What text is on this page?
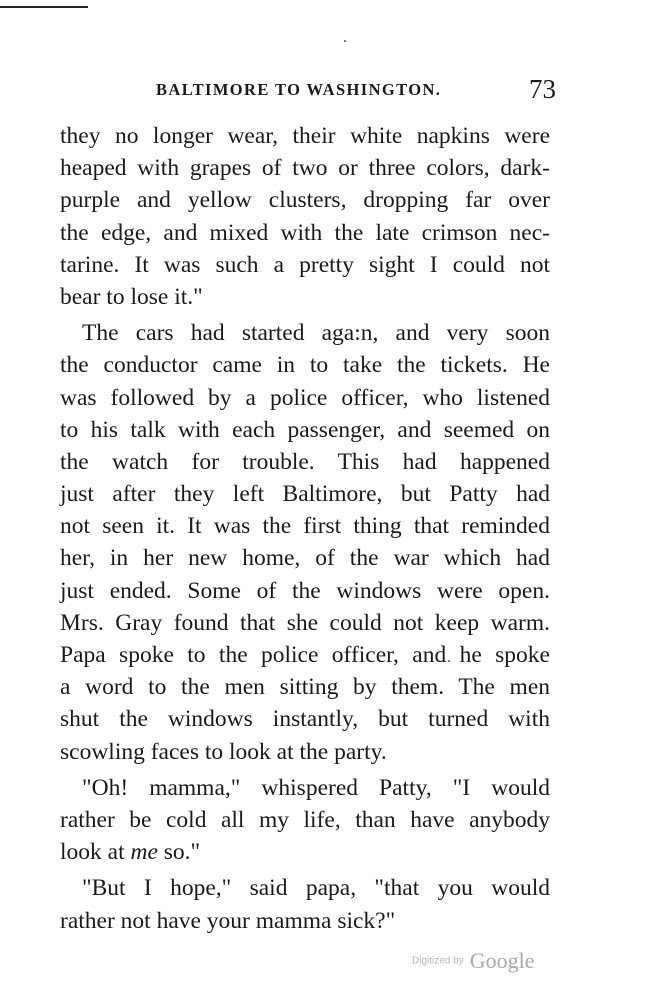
BALTIMORE TO WASHINGTON.	73
they no longer wear, their white napkins were
heaped with grapes of two or three colors, dark-
purple and yellow clusters, dropping far over
the edge, and mixed with the late crimson nec-
tarine. It was such a pretty sight I could not
bear to lose it."
The cars had started aga:n, and very soon
the conductor came in to take the tickets. He
was followed by a police officer, who listened
to his talk with each passenger, and seemed on
the watch for trouble. This had happened
just after they left Baltimore, but Patty had
not seen it. It was the first thing that reminded
her, in her new home, of the war which had
just ended. Some of the windows were open.
Mrs. Gray found that she could not keep warm.
Papa spoke to the police officer, and he spoke
a word to the men sitting by them. The men
shut the windows instantly, but turned with
scowling faces to look at the party.
"Oh! mamma," whispered Patty, "I would
rather be cold all my life, than have anybody
look at me so."
"But I hope," said papa, "that you would
rather not have your mamma sick?"
Digitized by Google
